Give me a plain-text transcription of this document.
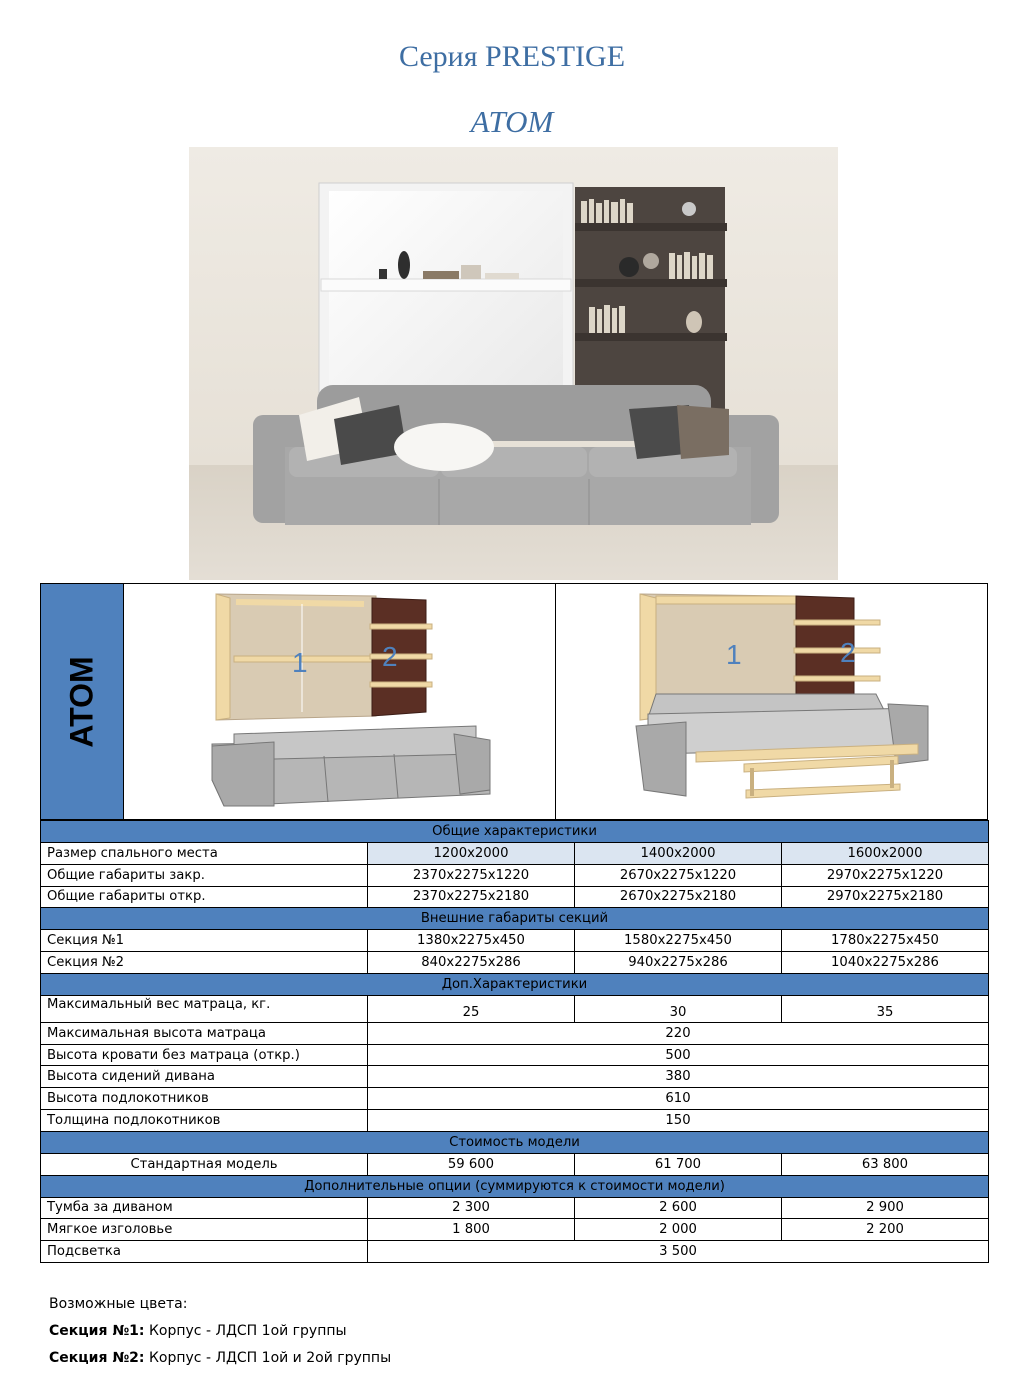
Серия PRESTIGE
ATOM
ATOM	1	2	1	2
Общие характеристики			
Размер спального места	1200х2000	1400х2000	1600х2000
Общие габариты закр.	2370х2275х1220	2670х2275х1220	2970х2275х1220
Общие габариты откр.	2370х2275х2180	2670х2275х2180	2970х2275х2180
Внешние габариты секций			
Секция №1	1380х2275х450	1580х2275х450	1780х2275х450
Секция №2	840х2275х286	940х2275х286	1040х2275х286
Доп.Характеристики			
Максимальный вес матраца, кг.	25	30	35
Максимальная высота матраца	220		
Высота кровати без матраца (откр.)	500		
Высота сидений дивана	380		
Высота подлокотников	610		
Толщина подлокотников	150		
Стоимость модели			
Стандартная модель	59 600	61 700	63 800
Дополнительные опции (суммируются к стоимости модели)			
Тумба за диваном	2 300	2 600	2 900
Мягкое изголовье	1 800	2 000	2 200
Подсветка	3 500		
Возможные цвета:
Секция №1: Корпус - ЛДСП 1ой группы
Секция №2: Корпус - ЛДСП 1ой и 2ой группы
